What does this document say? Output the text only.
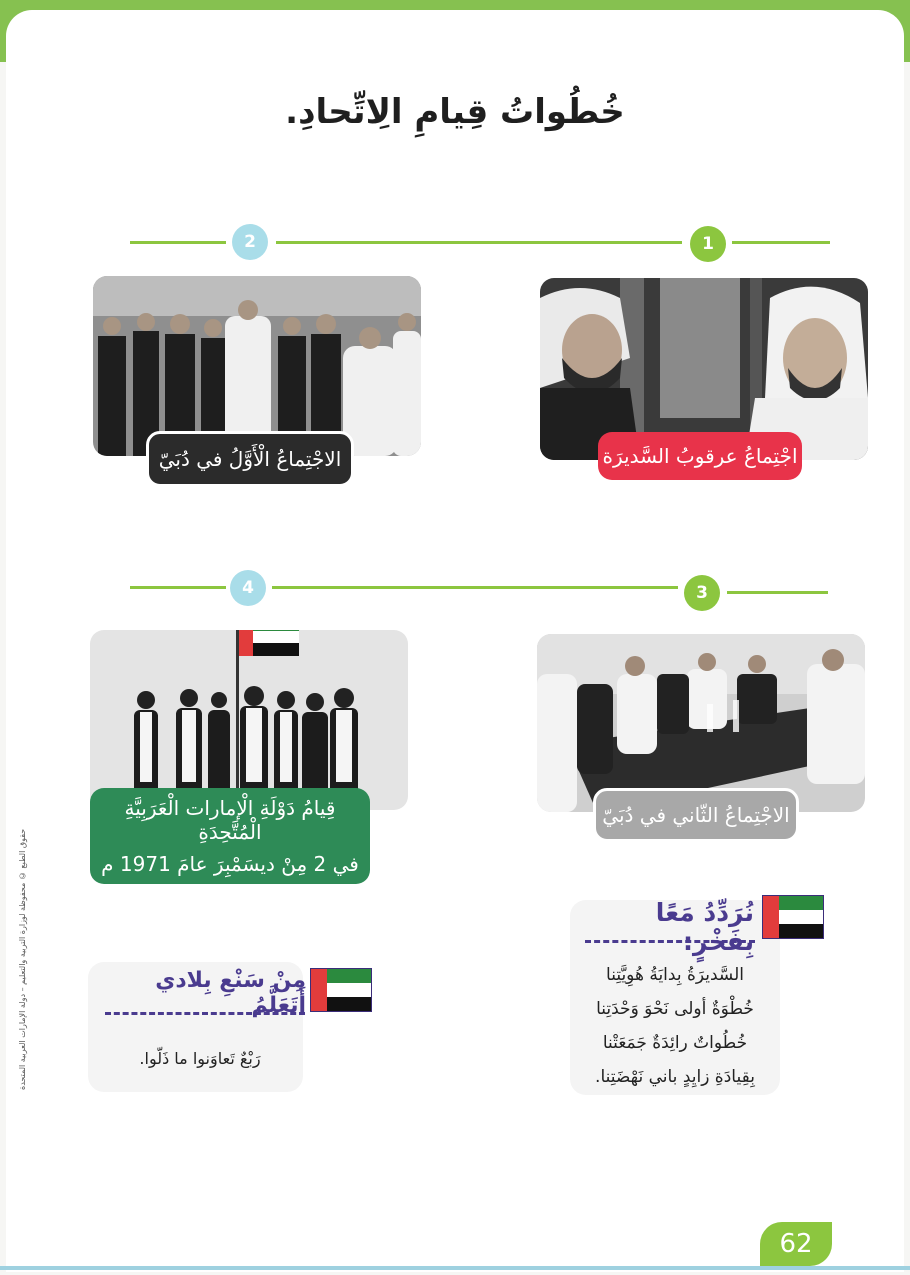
خُطُواتُ قِيامِ الِاتِّحادِ.
2	1
اجْتِماعُ عرقوبُ السَّديرَة
الاجْتِماعُ الْأَوَّلُ في دُبَيّ
4	3
الاجْتِماعُ الثّاني في دُبَيّ
قِيامُ دَوْلَةِ الْإمارات الْعَرَبِيَّةِ الْمُتَّحِدَةِ
في 2 مِنْ ديسَمْبِرَ عامَ 1971 م
نُرَدِّدُ مَعًا بِفَخْرٍ:
السَّديرَةُ بِدايَةُ هُوِيَّتِنا
خُطْوَةٌ أولى نَحْوَ وَحْدَتِنا
خُطُواتٌ رائِدَةٌ جَمَعَتْنا
بِقِيادَةِ زايِدٍ باني نَهْضَتِنا.
مِنْ سَنْعِ بِلادي أَتَعَلَّمُ
رَبْعٌ تَعاوَنوا ما ذَلّوا.
حقوق الطبع © محفوظة لوزارة التربية والتعليم – دولة الإمارات العربية المتحدة
62
